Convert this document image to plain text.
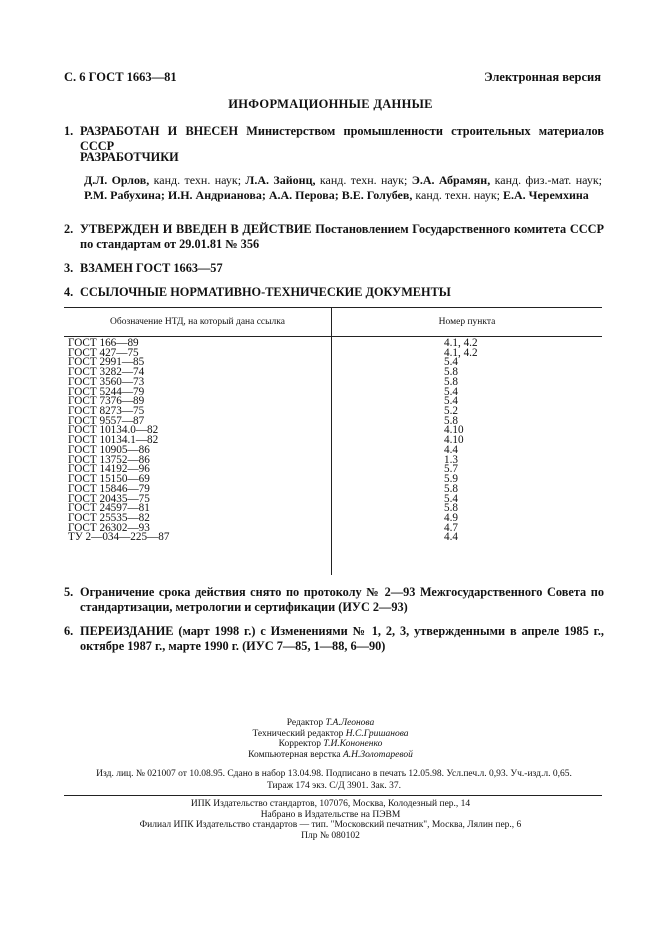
С. 6 ГОСТ 1663—81	Электронная версия
ИНФОРМАЦИОННЫЕ ДАННЫЕ
1. РАЗРАБОТАН И ВНЕСЕН Министерством промышленности строительных материалов СССР
РАЗРАБОТЧИКИ
Д.Л. Орлов, канд. техн. наук; Л.А. Зайонц, канд. техн. наук; Э.А. Абрамян, канд. физ.-мат. наук; Р.М. Рабухина; И.Н. Андрианова; А.А. Перова; В.Е. Голубев, канд. техн. наук; Е.А. Черемхина
2. УТВЕРЖДЕН И ВВЕДЕН В ДЕЙСТВИЕ Постановлением Государственного комитета СССР по стандартам от 29.01.81 № 356
3. ВЗАМЕН ГОСТ 1663—57
4. ССЫЛОЧНЫЕ НОРМАТИВНО-ТЕХНИЧЕСКИЕ ДОКУМЕНТЫ
Обозначение НТД, на который дана ссылка	Номер пункта
ГОСТ 166—89
ГОСТ 427—75
ГОСТ 2991—85
ГОСТ 3282—74
ГОСТ 3560—73
ГОСТ 5244—79
ГОСТ 7376—89
ГОСТ 8273—75
ГОСТ 9557—87
ГОСТ 10134.0—82
ГОСТ 10134.1—82
ГОСТ 10905—86
ГОСТ 13752—86
ГОСТ 14192—96
ГОСТ 15150—69
ГОСТ 15846—79
ГОСТ 20435—75
ГОСТ 24597—81
ГОСТ 25535—82
ГОСТ 26302—93
ТУ 2—034—225—87
4.1, 4.2
4.1, 4.2
5.4
5.8
5.8
5.4
5.4
5.2
5.8
4.10
4.10
4.4
1.3
5.7
5.9
5.8
5.4
5.8
4.9
4.7
4.4
5. Ограничение срока действия снято по протоколу № 2—93 Межгосударственного Совета по стандартизации, метрологии и сертификации (ИУС 2—93)
6. ПЕРЕИЗДАНИЕ (март 1998 г.) с Изменениями № 1, 2, 3, утвержденными в апреле 1985 г., октябре 1987 г., марте 1990 г. (ИУС 7—85, 1—88, 6—90)
Редактор Т.А.Леонова
Технический редактор Н.С.Гришанова
Корректор Т.И.Кононенко
Компьютерная верстка А.Н.Золотаревой
Изд. лиц. № 021007 от 10.08.95. Сдано в набор 13.04.98. Подписано в печать 12.05.98. Усл.печ.л. 0,93. Уч.-изд.л. 0,65.
Тираж 174 экз. С/Д 3901. Зак. 37.
ИПК Издательство стандартов, 107076, Москва, Колодезный пер., 14
Набрано в Издательстве на ПЭВМ
Филиал ИПК Издательство стандартов — тип. "Московский печатник", Москва, Лялин пер., 6
Плр № 080102
